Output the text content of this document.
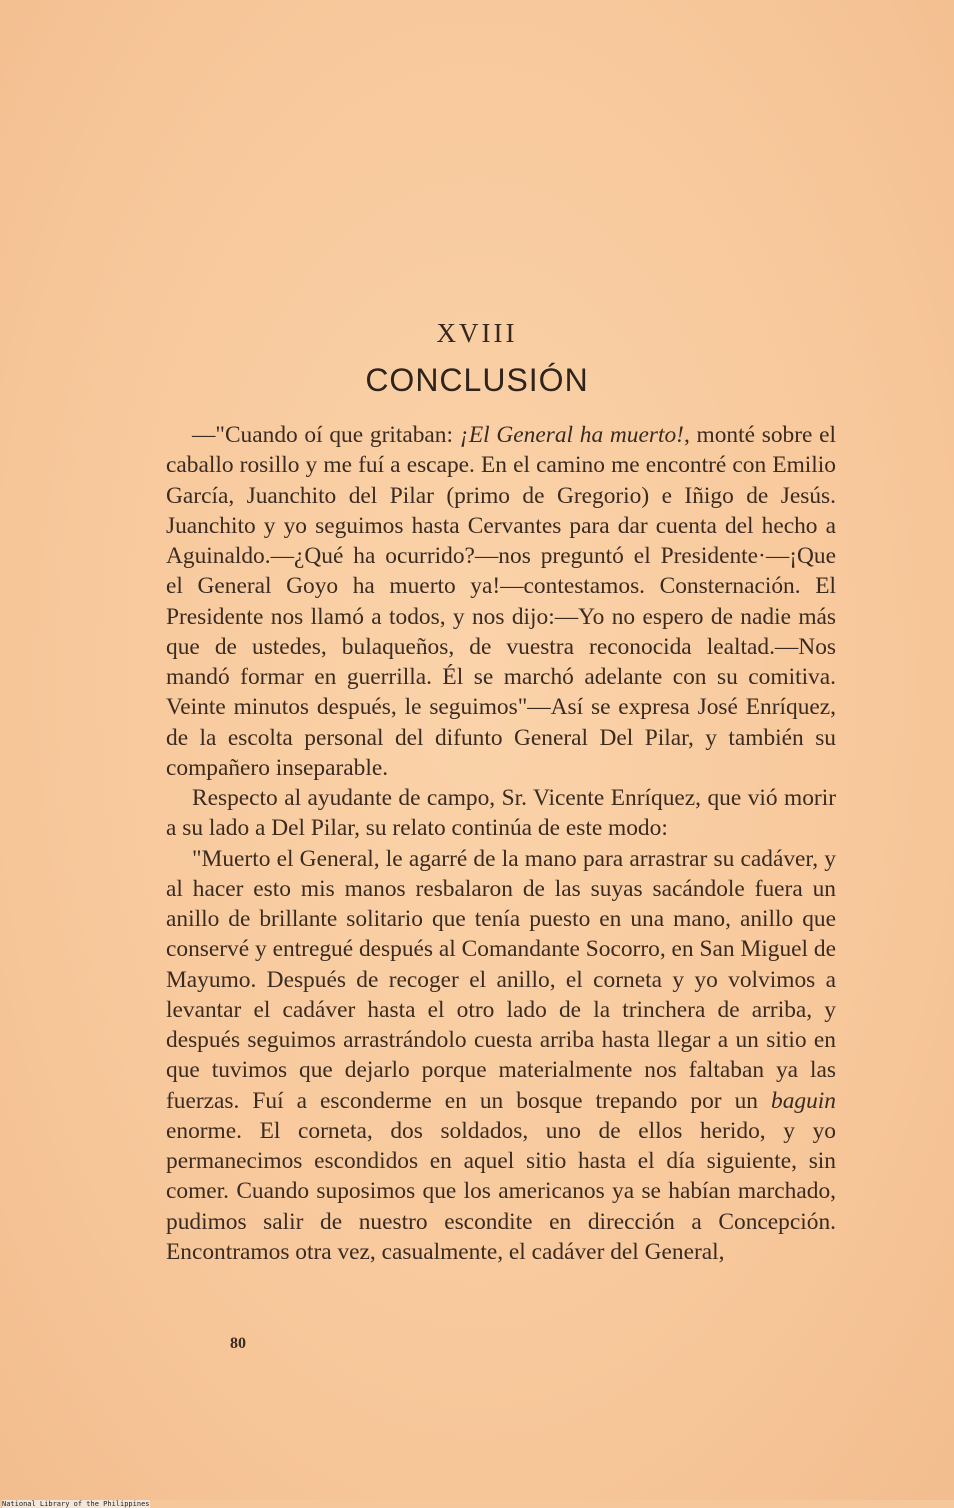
XVIII
CONCLUSIÓN

—"Cuando oí que gritaban: ¡El General ha muerto!, monté sobre el caballo rosillo y me fuí a escape. En el camino me encontré con Emilio García, Juanchito del Pilar (primo de Gregorio) e Iñigo de Jesús. Juanchito y yo seguimos hasta Cervantes para dar cuenta del hecho a Aguinaldo.—¿Qué ha ocurrido?—nos preguntó el Presidente·—¡Que el General Goyo ha muerto ya!—contestamos. Consternación. El Presidente nos llamó a todos, y nos dijo:—Yo no espero de nadie más que de ustedes, bulaqueños, de vuestra reconocida lealtad.—Nos mandó formar en guerrilla. Él se marchó adelante con su comitiva. Veinte minutos después, le seguimos"—Así se expresa José Enríquez, de la escolta personal del difunto General Del Pilar, y también su compañero inseparable.

Respecto al ayudante de campo, Sr. Vicente Enríquez, que vió morir a su lado a Del Pilar, su relato continúa de este modo:

"Muerto el General, le agarré de la mano para arrastrar su cadáver, y al hacer esto mis manos resbalaron de las suyas sacándole fuera un anillo de brillante solitario que tenía puesto en una mano, anillo que conservé y entregué después al Comandante Socorro, en San Miguel de Mayumo. Después de recoger el anillo, el corneta y yo volvimos a levantar el cadáver hasta el otro lado de la trinchera de arriba, y después seguimos arrastrándolo cuesta arriba hasta llegar a un sitio en que tuvimos que dejarlo porque materialmente nos faltaban ya las fuerzas. Fuí a esconderme en un bosque trepando por un baguin enorme. El corneta, dos soldados, uno de ellos herido, y yo permanecimos escondidos en aquel sitio hasta el día siguiente, sin comer. Cuando suposimos que los americanos ya se habían marchado, pudimos salir de nuestro escondite en dirección a Concepción. Encontramos otra vez, casualmente, el cadáver del General,

80
National Library of the Philippines
